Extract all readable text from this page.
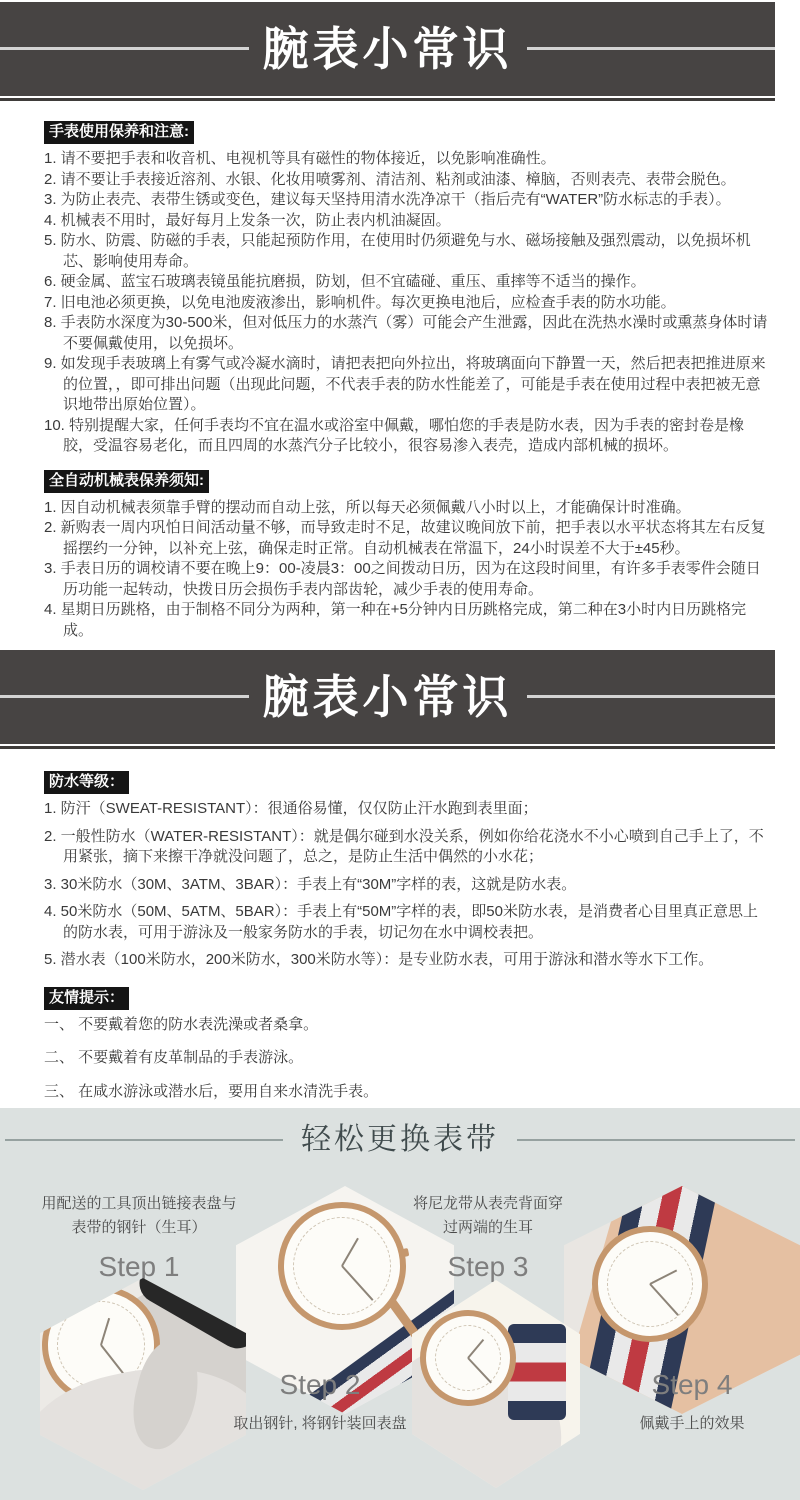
腕表小常识
手表使用保养和注意:
1. 请不要把手表和收音机、电视机等具有磁性的物体接近，以免影响准确性。
2. 请不要让手表接近溶剂、水银、化妆用喷雾剂、清洁剂、粘剂或油漆、樟脑，否则表壳、表带会脱色。
3. 为防止表壳、表带生锈或变色，建议每天坚持用清水洗净凉干（指后壳有“WATER”防水标志的手表）。
4. 机械表不用时，最好每月上发条一次，防止表内机油凝固。
5. 防水、防震、防磁的手表，只能起预防作用，在使用时仍须避免与水、磁场接触及强烈震动，以免损坏机芯、影响使用寿命。
6. 硬金属、蓝宝石玻璃表镜虽能抗磨损，防划，但不宜磕碰、重压、重摔等不适当的操作。
7. 旧电池必须更换，以免电池废液渗出，影响机件。每次更换电池后，应检查手表的防水功能。
8. 手表防水深度为30-500米，但对低压力的水蒸汽（雾）可能会产生泄露，因此在洗热水澡时或熏蒸身体时请不要佩戴使用，以免损坏。
9. 如发现手表玻璃上有雾气或冷凝水滴时，请把表把向外拉出，将玻璃面向下静置一天，然后把表把推进原来的位置，，即可排出问题（出现此问题，不代表手表的防水性能差了，可能是手表在使用过程中表把被无意识地带出原始位置）。
10. 特别提醒大家，任何手表均不宜在温水或浴室中佩戴，哪怕您的手表是防水表，因为手表的密封卷是橡胶，受温容易老化，而且四周的水蒸汽分子比较小，很容易渗入表壳，造成内部机械的损坏。
全自动机械表保养须知:
1. 因自动机械表须靠手臂的摆动而自动上弦，所以每天必须佩戴八小时以上，才能确保计时准确。
2. 新购表一周内巩怕日间活动量不够，而导致走时不足，故建议晚间放下前，把手表以水平状态将其左右反复摇摆约一分钟，以补充上弦，确保走时正常。自动机械表在常温下，24小时误差不大于±45秒。
3. 手表日历的调校请不要在晚上9：00-凌晨3：00之间拨动日历，因为在这段时间里，有许多手表零件会随日历功能一起转动，快拨日历会损伤手表内部齿轮，减少手表的使用寿命。
4. 星期日历跳格，由于制格不同分为两种，第一种在+5分钟内日历跳格完成，第二种在3小时内日历跳格完成。
腕表小常识
防水等级：
1. 防汗（SWEAT-RESISTANT）：很通俗易懂，仅仅防止汗水跑到表里面；
2. 一般性防水（WATER-RESISTANT）：就是偶尔碰到水没关系，例如你给花浇水不小心喷到自己手上了，不用紧张，摘下来擦干净就没问题了，总之，是防止生活中偶然的小水花；
3. 30米防水（30M、3ATM、3BAR）：手表上有“30M”字样的表，这就是防水表。
4. 50米防水（50M、5ATM、5BAR）：手表上有“50M”字样的表，即50米防水表，是消费者心目里真正意思上的防水表，可用于游泳及一般家务防水的手表，切记勿在水中调校表把。
5. 潜水表（100米防水，200米防水，300米防水等）：是专业防水表，可用于游泳和潜水等水下工作。
友情提示：
一、 不要戴着您的防水表洗澡或者桑拿。
二、 不要戴着有皮革制品的手表游泳。
三、 在咸水游泳或潜水后，要用自来水清洗手表。
轻松更换表带
用配送的工具顶出链接表盘与表带的钢针（生耳）
Step 1
将尼龙带从表壳背面穿过两端的生耳
Step 3
Step 2
取出钢针, 将钢针装回表盘
Step 4
佩戴手上的效果
